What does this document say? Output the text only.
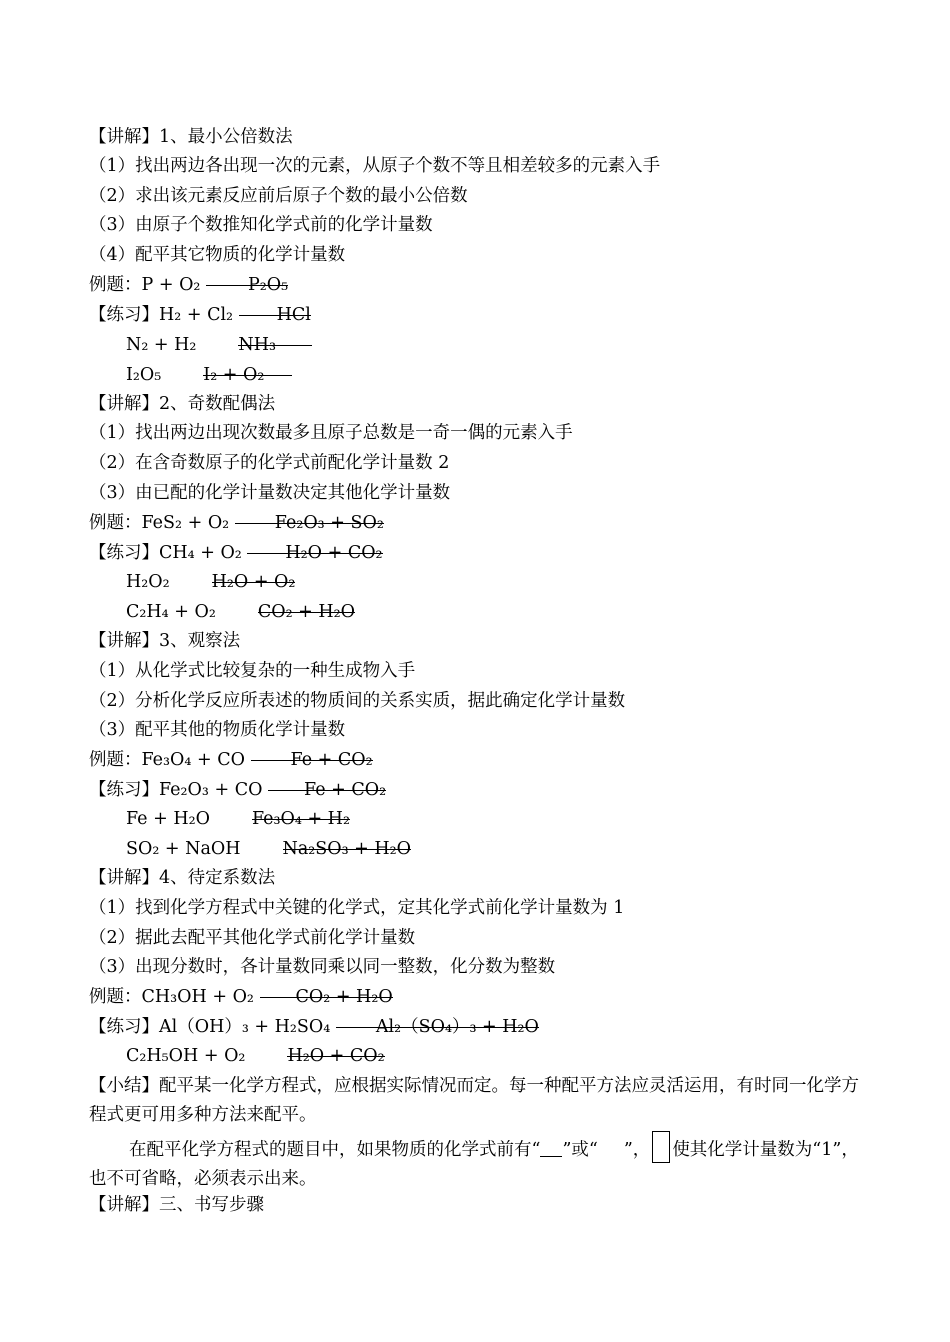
【讲解】1、最小公倍数法
（1）找出两边各出现一次的元素，从原子个数不等且相差较多的元素入手
（2）求出该元素反应前后原子个数的最小公倍数
（3）由原子个数推知化学式前的化学计量数
（4）配平其它物质的化学计量数
例题：P + O₂	P₂O₅
【练习】H₂ + Cl₂ HCl
N₂ + H₂ NH₃
I₂O₅ I₂ + O₂
【讲解】2、奇数配偶法
（1）找出两边出现次数最多且原子总数是一奇一偶的元素入手
（2）在含奇数原子的化学式前配化学计量数 2
（3）由已配的化学计量数决定其他化学计量数
例题：FeS₂ + O₂	Fe₂O₃ + SO₂
【练习】CH₄ + O₂ H₂O + CO₂
H₂O₂ H₂O + O₂
C₂H₄ + O₂ CO₂ + H₂O
【讲解】3、观察法
（1）从化学式比较复杂的一种生成物入手
（2）分析化学反应所表述的物质间的关系实质，据此确定化学计量数
（3）配平其他的物质化学计量数
例题：Fe₃O₄ + CO	Fe + CO₂
【练习】Fe₂O₃ + CO Fe + CO₂
Fe + H₂O Fe₃O₄ + H₂
SO₂ + NaOH Na₂SO₃ + H₂O
【讲解】4、待定系数法
（1）找到化学方程式中关键的化学式，定其化学式前化学计量数为 1
（2）据此去配平其他化学式前化学计量数
（3）出现分数时，各计量数同乘以同一整数，化分数为整数
例题：CH₃OH + O₂ CO₂ + H₂O
【练习】Al（OH）₃ + H₂SO₄	Al₂（SO₄）₃ + H₂O
C₂H₅OH + O₂ H₂O + CO₂
【小结】配平某一化学方程式，应根据实际情况而定。每一种配平方法应灵活运用，有时同一化学方程式更可用多种方法来配平。
在配平化学方程式的题目中，如果物质的化学式前有“ ”或“ ”， 使其化学计量数为“1”，也不可省略，必须表示出来。
【讲解】三、书写步骤
